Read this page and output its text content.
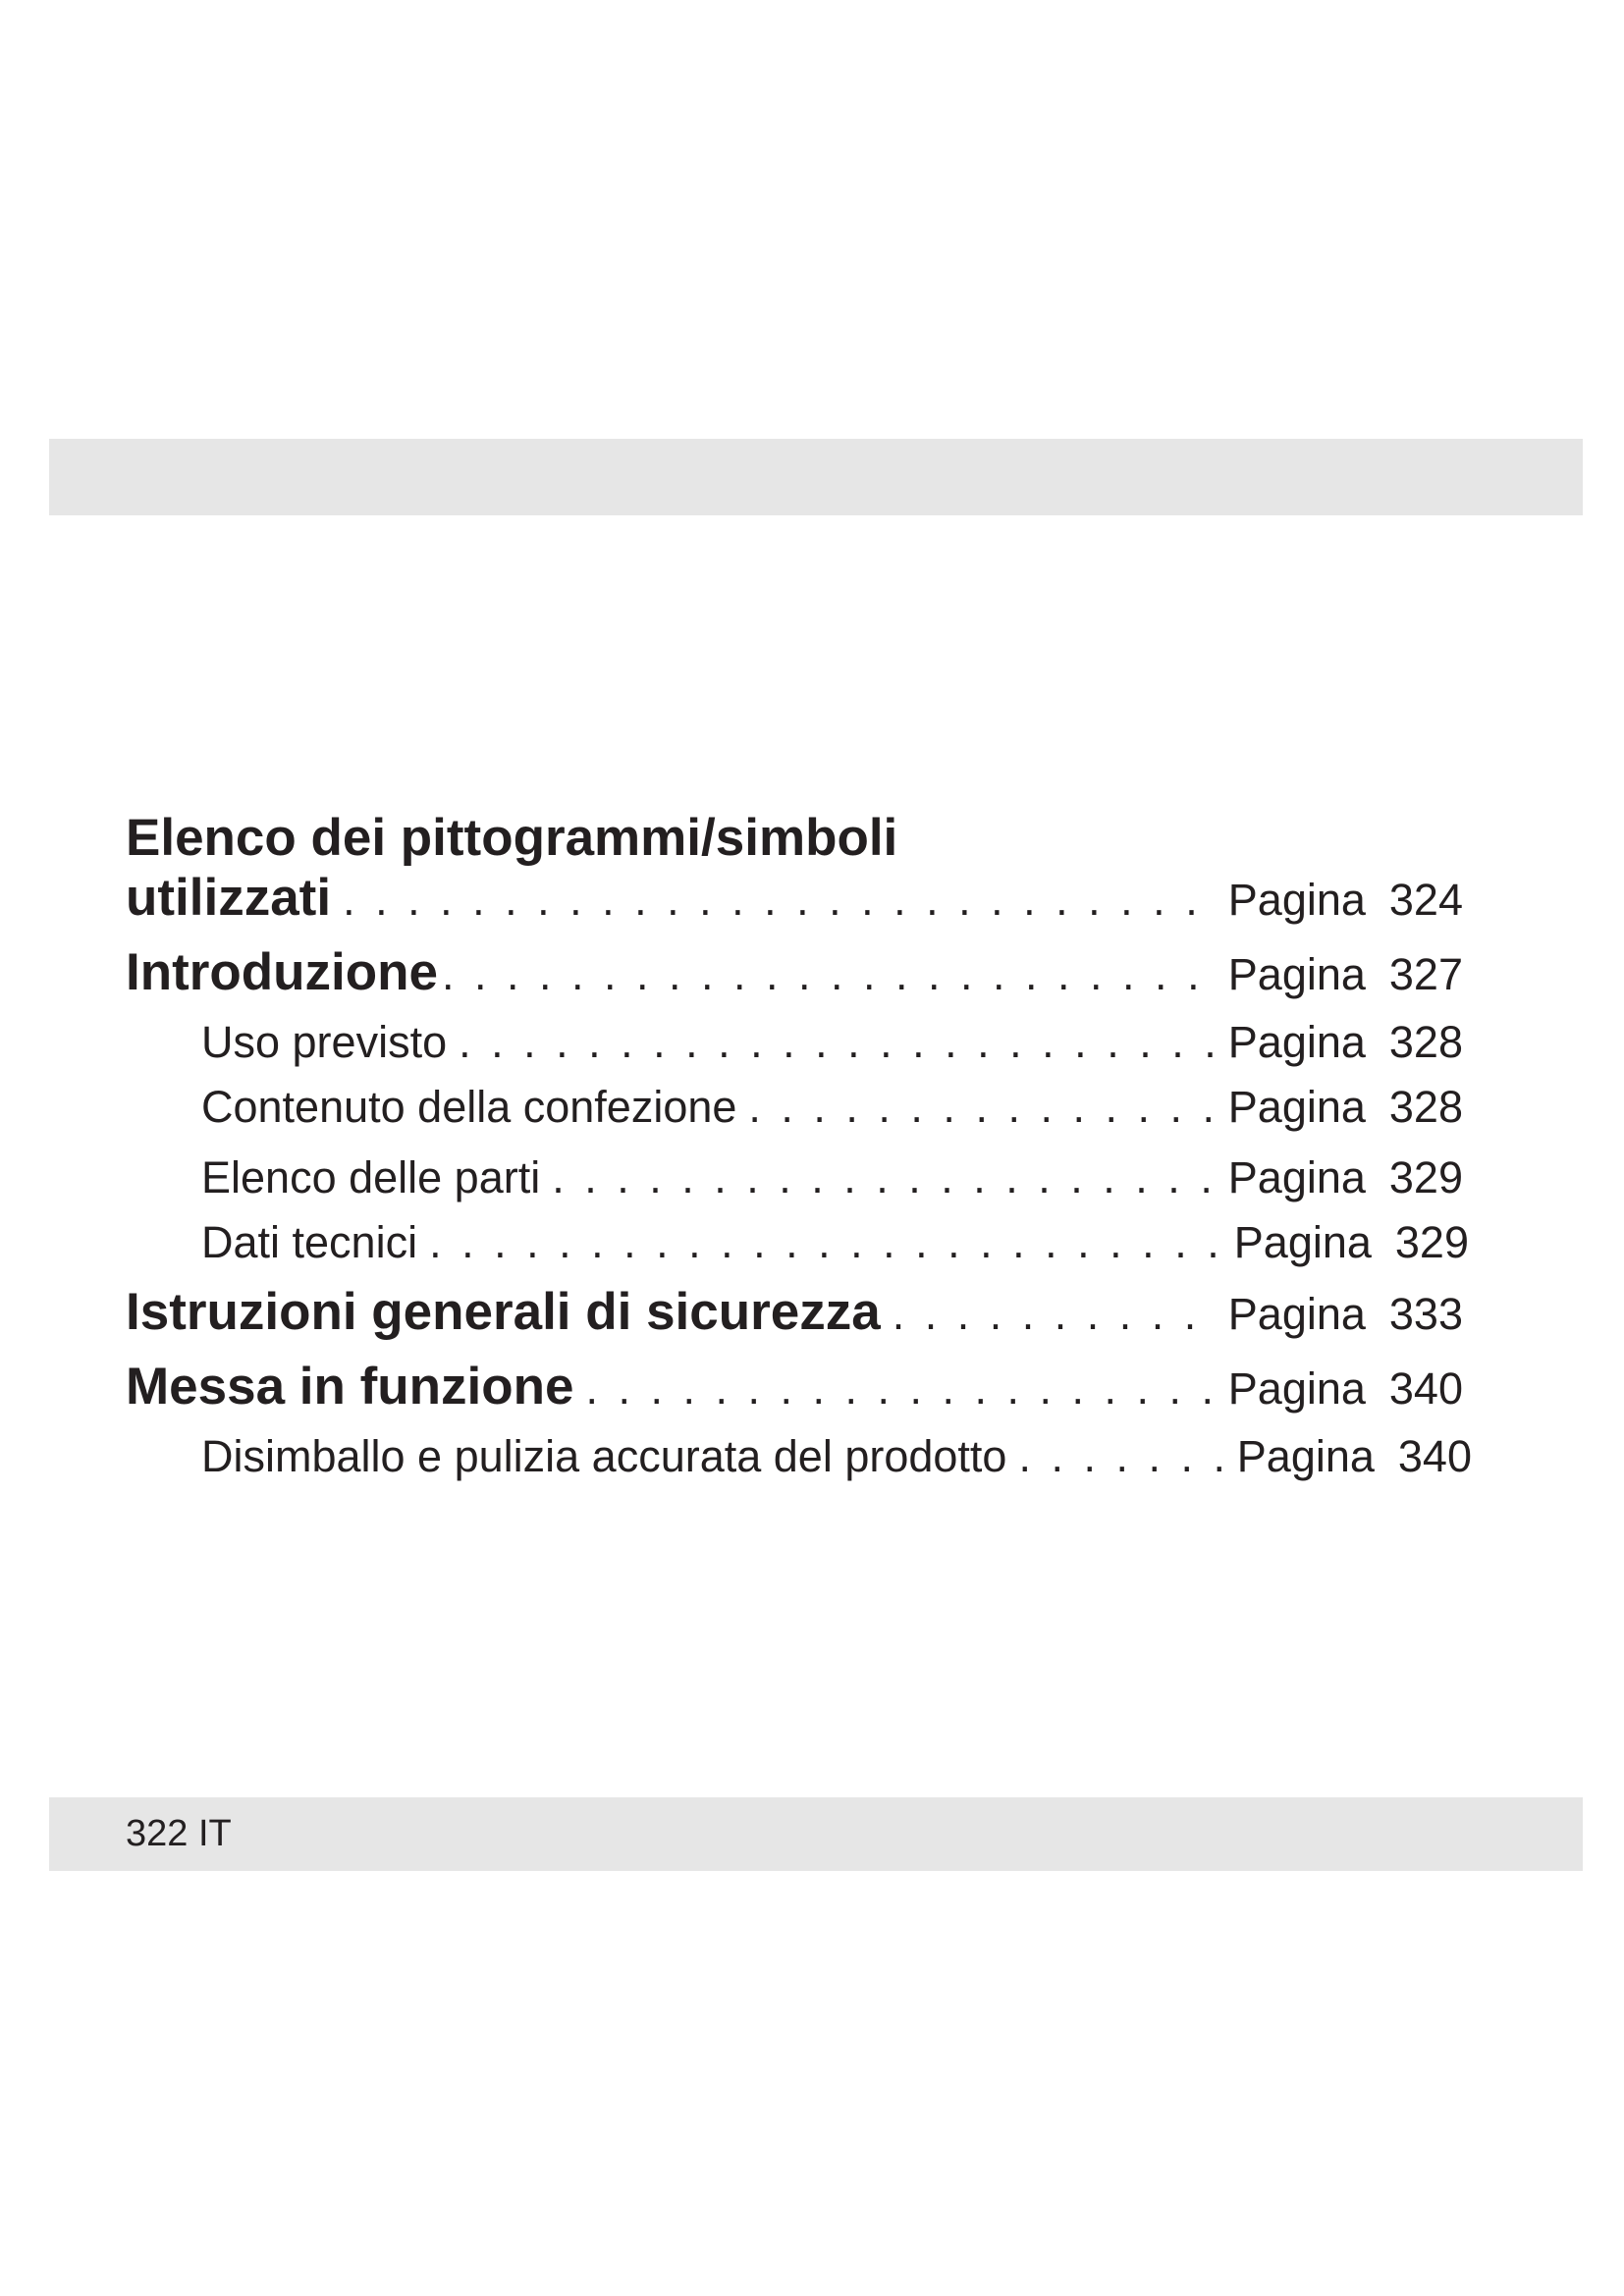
Elenco dei pittogrammi/simboli
utilizzati . . .	Pagina 324
Introduzione . . .	Pagina 327
Uso previsto . . .	Pagina 328
Contenuto della confezione . . .	Pagina 328
Elenco delle parti . . .	Pagina 329
Dati tecnici . . .	Pagina 329
Istruzioni generali di sicurezza . . .	Pagina 333
Messa in funzione . . .	Pagina 340
Disimballo e pulizia accurata del prodotto . . .	Pagina 340
322 IT
